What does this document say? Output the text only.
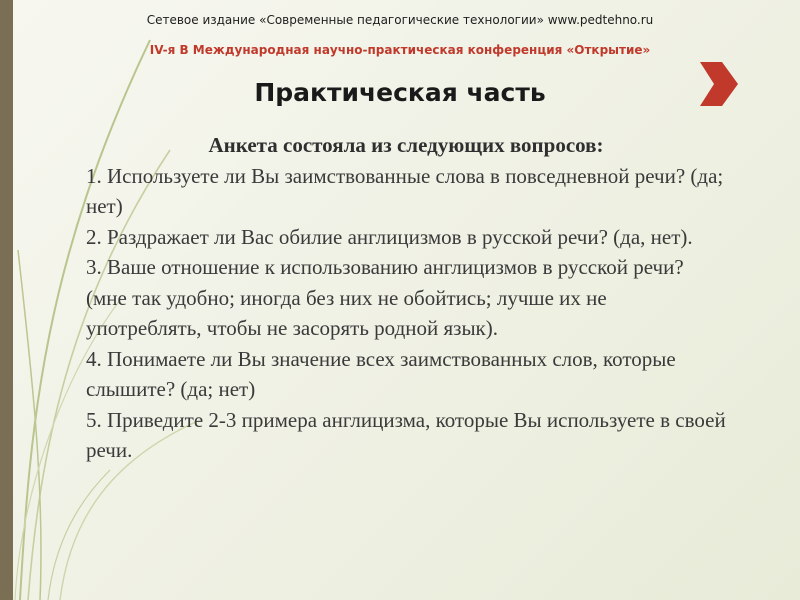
Сетевое издание «Современные педагогические технологии» www.pedtehno.ru
IV-я В Международная научно-практическая конференция «Открытие»
Практическая часть
Анкета состояла из следующих вопросов:

1. Используете ли Вы заимствованные слова в повседневной речи? (да; нет)

2. Раздражает ли Вас обилие англицизмов в русской речи? (да, нет).

3. Ваше отношение к использованию англицизмов в русской речи? (мне так удобно; иногда без них не обойтись; лучше их не употреблять, чтобы не засорять родной язык).

4. Понимаете ли Вы значение всех заимствованных слов, которые слышите? (да; нет)

5. Приведите 2-3 примера англицизма, которые Вы используете в своей речи.
